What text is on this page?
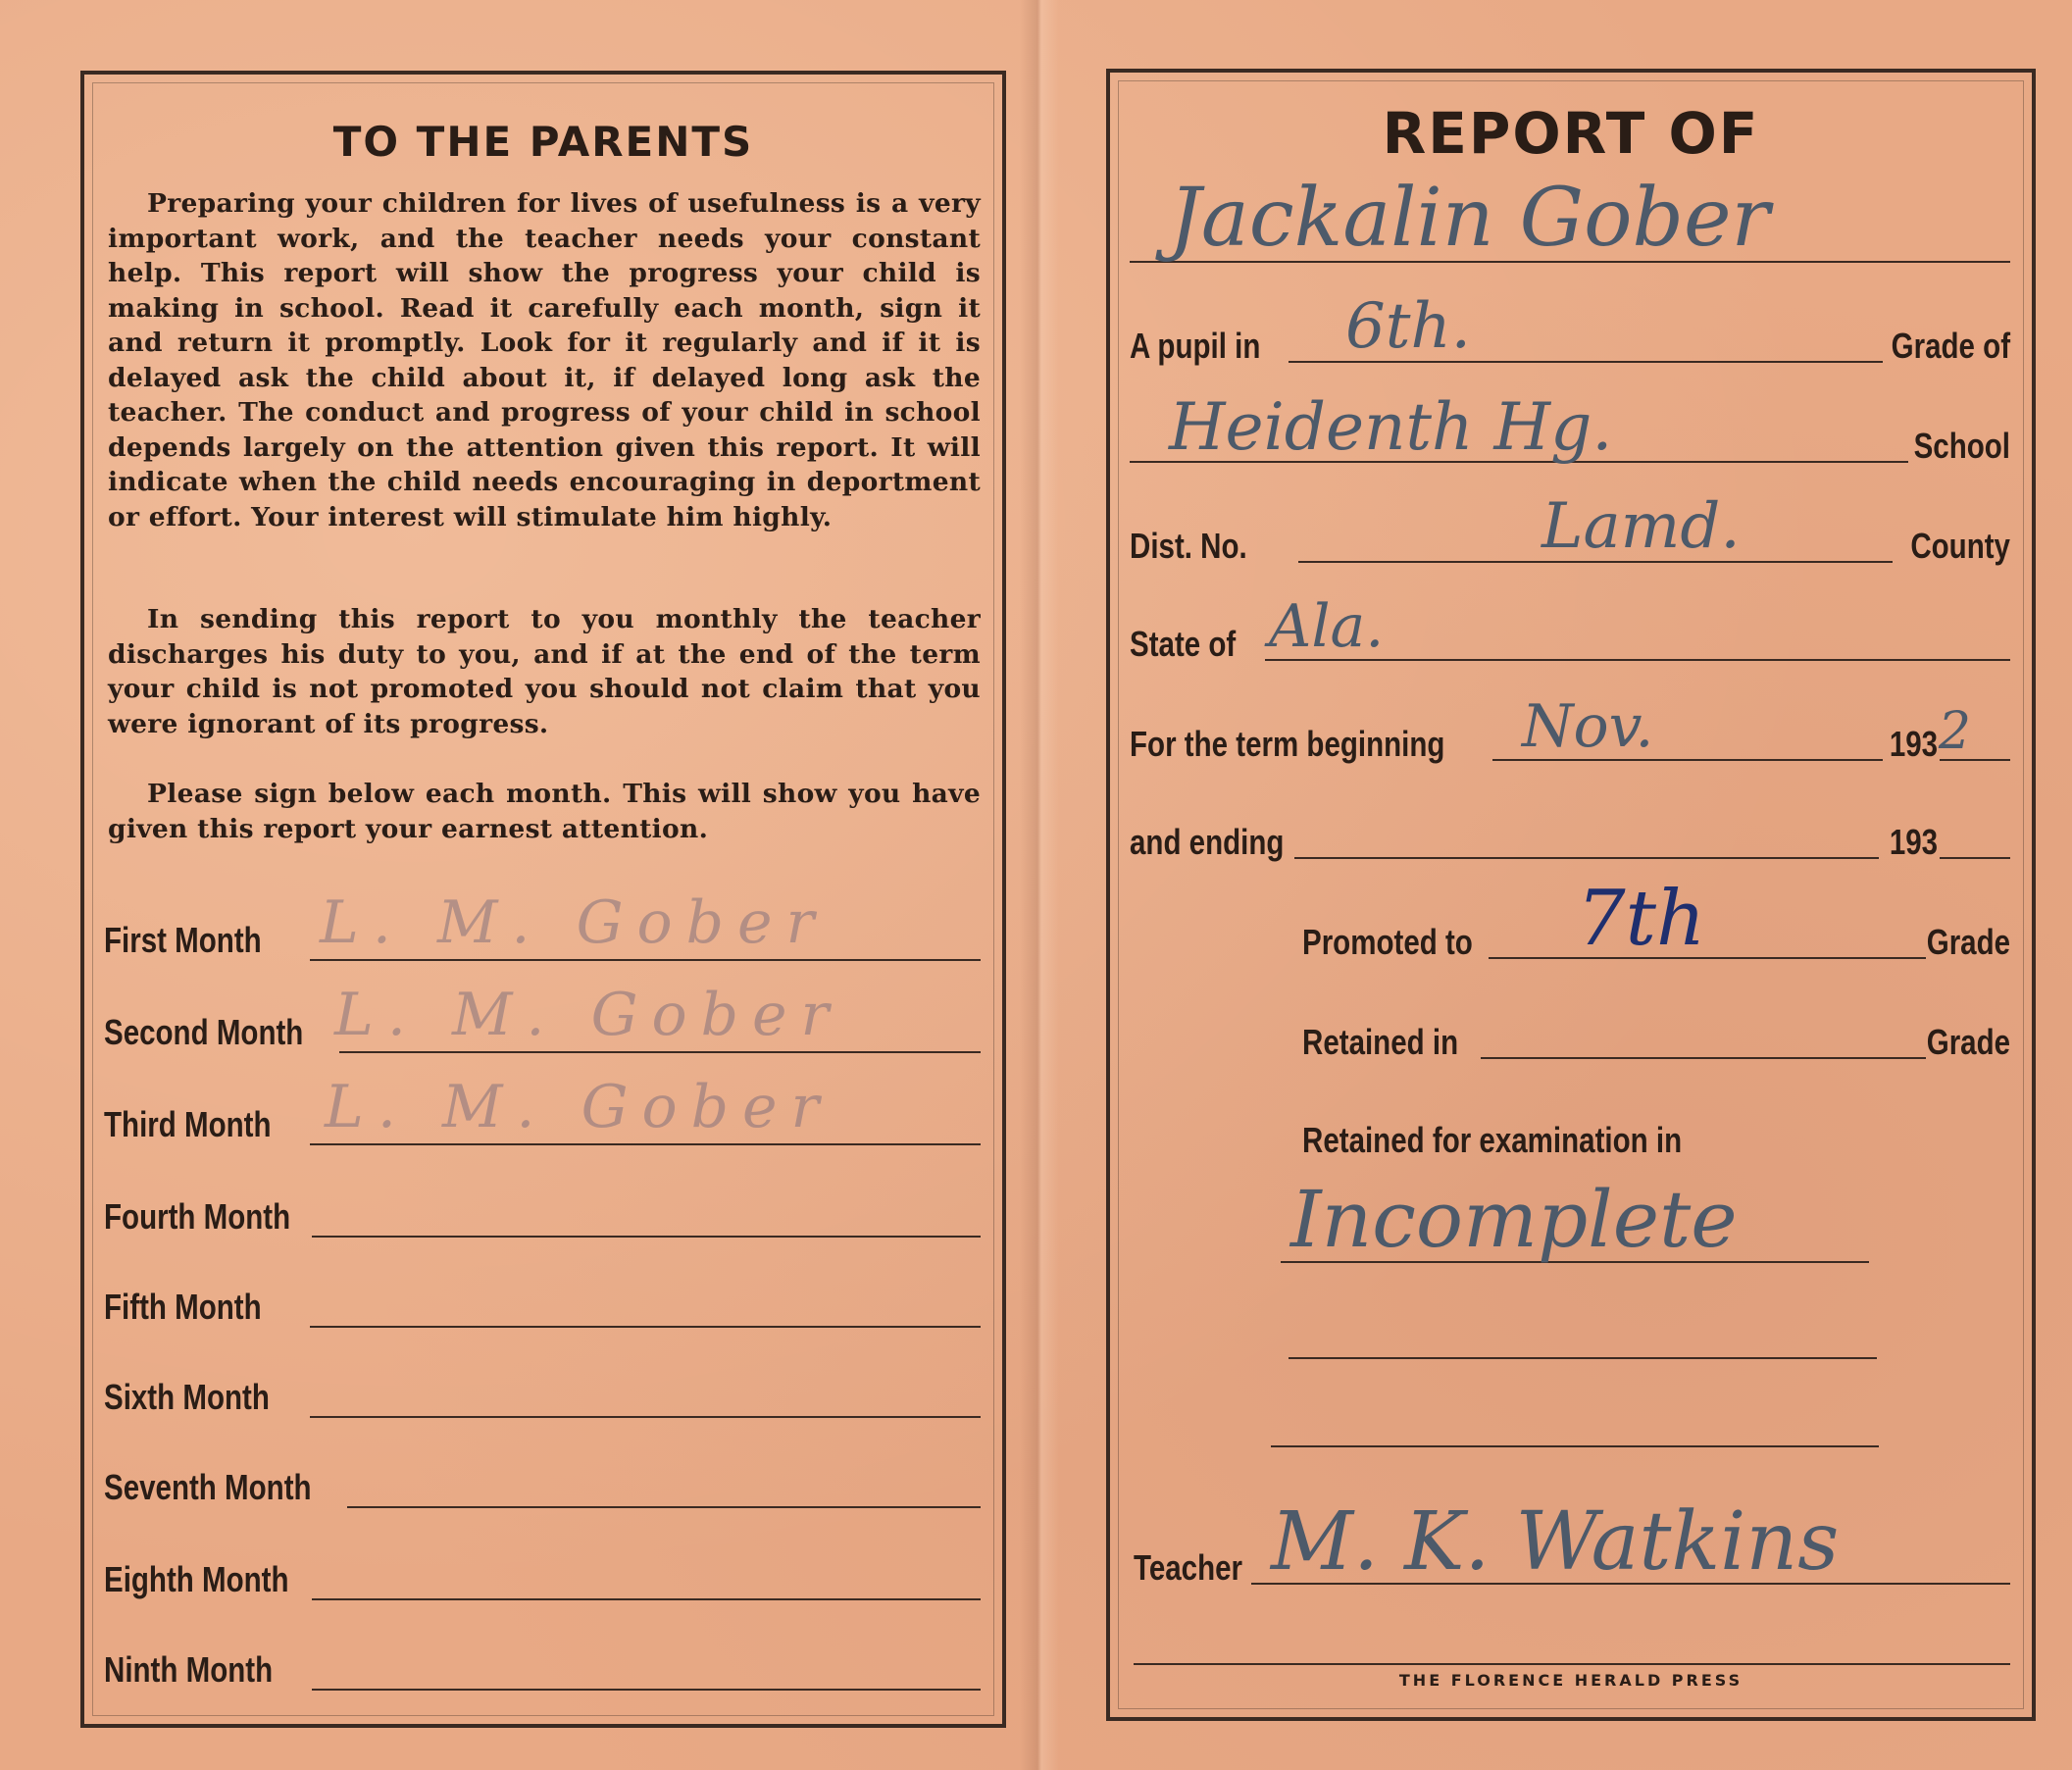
TO THE PARENTS

Preparing your children for lives of usefulness is a very important work, and the teacher needs your constant help. This report will show the progress your child is making in school. Read it carefully each month, sign it and return it promptly. Look for it regularly and if it is delayed ask the child about it, if delayed long ask the teacher. The conduct and progress of your child in school depends largely on the attention given this report. It will indicate when the child needs encouraging in deportment or effort. Your interest will stimulate him highly.

In sending this report to you monthly the teacher discharges his duty to you, and if at the end of the term your child is not promoted you should not claim that you were ignorant of its progress.

Please sign below each month. This will show you have given this report your earnest attention.

First Month L. M. Gober
Second Month L. M. Gober
Third Month L. M. Gober
Fourth Month
Fifth Month
Sixth Month
Seventh Month
Eighth Month
Ninth Month
REPORT OF
Jackalin Gober
A pupil in 6th.	Grade of
Heidenth Hg.	School
Dist. No.	Lamd.	County
State of Ala.
For the term beginning Nov.	193 2
and ending	193
Promoted to 7th	Grade
Retained in	Grade
Retained for examination in
Incomplete
Teacher M. K. Watkins
THE FLORENCE HERALD PRESS
